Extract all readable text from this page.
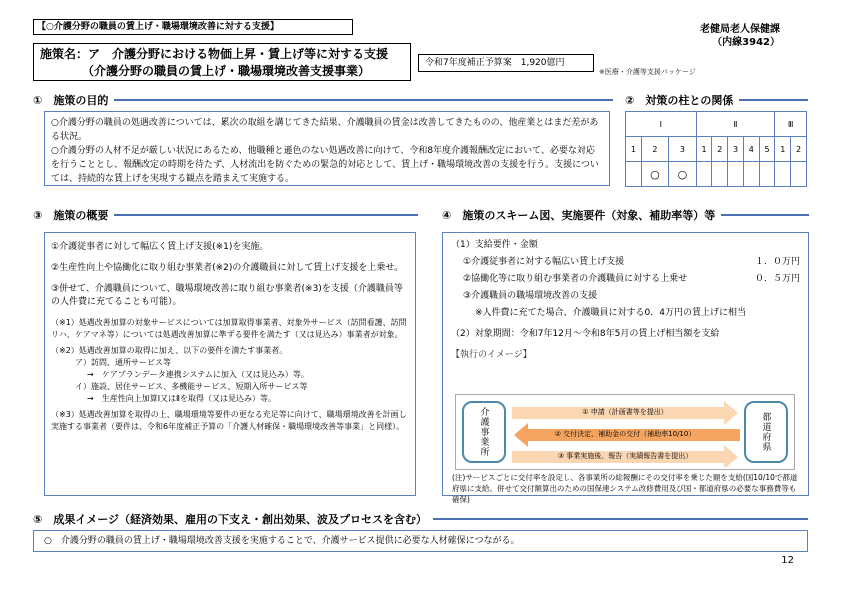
【○介護分野の職員の賃上げ・職場環境改善に対する支援】	老健局老人保健課
（内線3942）
施策名：ア　介護分野における物価上昇・賃上げ等に対する支援
　　　　（介護分野の職員の賃上げ・職場環境改善支援事業）
令和7年度補正予算案　1,920億円
※医療・介護等支援パッケージ
①　施策の目的
○介護分野の職員の処遇改善については、累次の取組を講じてきた結果、介護職員の賃金は改善してきたものの、他産業とはまだ差がある状況。
○介護分野の人材不足が厳しい状況にあるため、他職種と遜色のない処遇改善に向けて、令和8年度介護報酬改定において、必要な対応を行うこととし、報酬改定の時期を待たず、人材流出を防ぐための緊急的対応として、賃上げ・職場環境改善の支援を行う。支援については、持続的な賃上げを実現する観点を踏まえて実施する。
②　対策の柱との関係
Ⅰ			Ⅱ					Ⅲ	
1	2	3	1	2	3	4	5	1	2
	○	○							
③　施策の概要
①介護従事者に対して幅広く賃上げ支援(※1)を実施。
②生産性向上や協働化に取り組む事業者(※2)の介護職員に対して賃上げ支援を上乗せ。
③併せて、介護職員について、職場環境改善に取り組む事業者(※3)を支援（介護職員等の人件費に充てることも可能）。
（※1）処遇改善加算の対象サービスについては加算取得事業者、対象外サービス（訪問看護、訪問リハ、ケアマネ等）については処遇改善加算に準ずる要件を満たす（又は見込み）事業者が対象。
（※2）処遇改善加算の取得に加え、以下の要件を満たす事業者。
ア）訪問、通所サービス等
→　ケアプランデータ連携システムに加入（又は見込み）等。
イ）施設、居住サービス、多機能サービス、短期入所サービス等
→　生産性向上加算Ⅰ又はⅡを取得（又は見込み）等。
（※3）処遇改善加算を取得の上、職場環境等要件の更なる充足等に向けて、職場環境改善を計画し実施する事業者（要件は、令和6年度補正予算の「介護人材確保・職場環境改善等事業」と同様）。
④　施策のスキーム図、実施要件（対象、補助率等）等
（1）支給要件・金額
①介護従事者に対する幅広い賃上げ支援	１．０万円
②協働化等に取り組む事業者の介護職員に対する上乗せ	０．５万円
③介護職員の職場環境改善の支援
※人件費に充てた場合、介護職員に対する0．4万円の賃上げに相当
（2）対象期間：令和7年12月～令和8年5月の賃上げ相当額を支給
【執行のイメージ】
介護事業所	都道府県
① 申請（計画書等を提出）
② 交付決定、補助金の交付（補助率10/10）
③ 事業実施後、報告（実績報告書を提出）
(注)サービスごとに交付率を設定し、各事業所の総報酬にその交付率を乗じた額を支給(国10/10で都道府県に支給。併せて交付額算出のための国保連システム改修費用及び国・都道府県の必要な事務費等も確保)
⑤　成果イメージ（経済効果、雇用の下支え・創出効果、波及プロセスを含む）
○　介護分野の職員の賃上げ・職場環境改善支援を実施することで、介護サービス提供に必要な人材確保につながる。
12
